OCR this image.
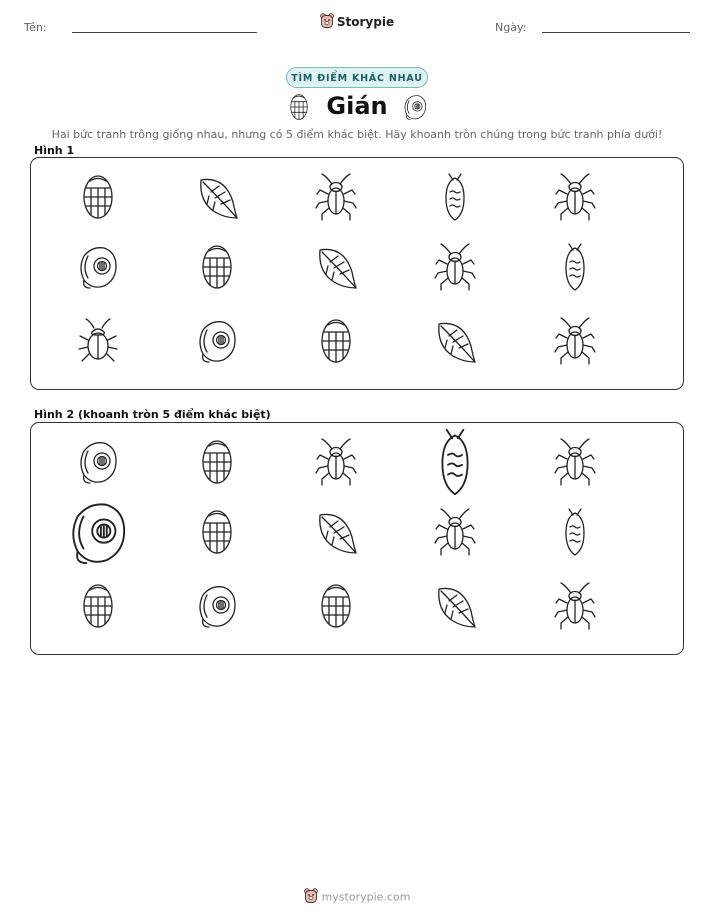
Tên:	Storypie	Ngày:
TÌM ĐIỂM KHÁC NHAU
Gián
Hai bức tranh trông giống nhau, nhưng có 5 điểm khác biệt. Hãy khoanh tròn chúng trong bức tranh phía dưới!
Hình 1
Hình 2 (khoanh tròn 5 điểm khác biệt)
mystorypie.com
